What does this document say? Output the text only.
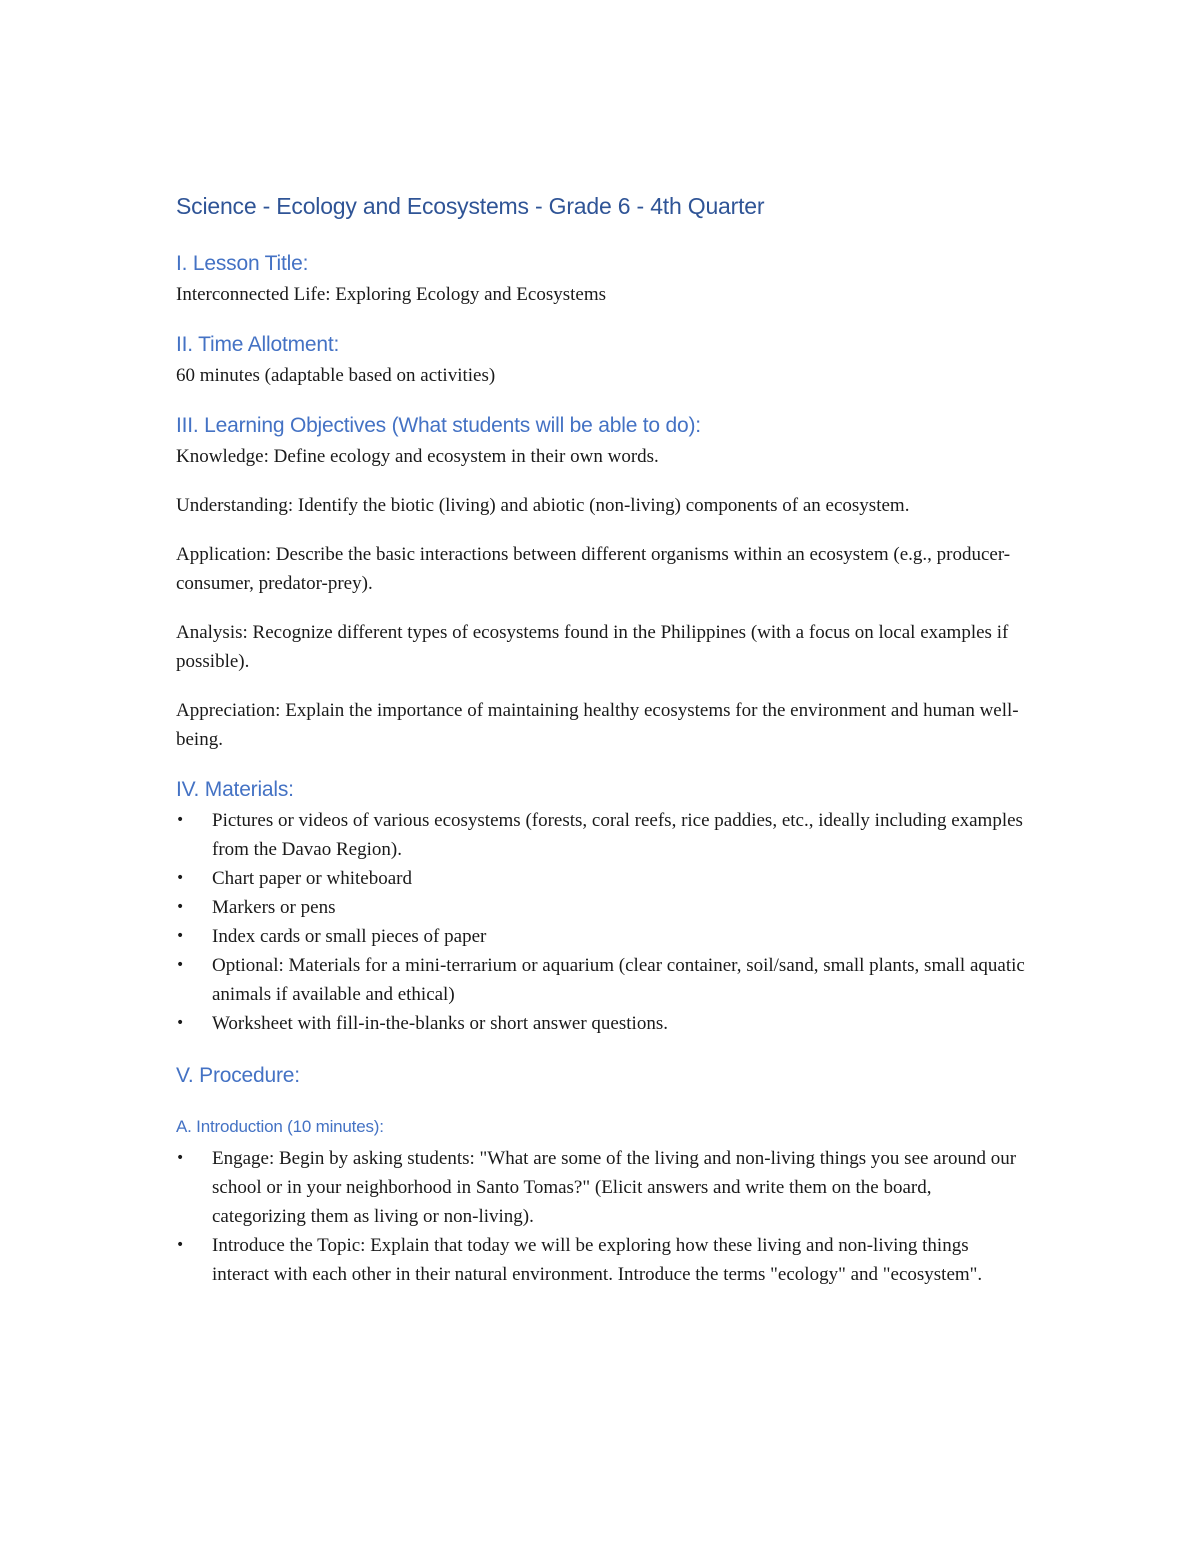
Science - Ecology and Ecosystems - Grade 6 - 4th Quarter
I. Lesson Title:
Interconnected Life: Exploring Ecology and Ecosystems
II. Time Allotment:
60 minutes (adaptable based on activities)
III. Learning Objectives (What students will be able to do):
Knowledge: Define ecology and ecosystem in their own words.
Understanding: Identify the biotic (living) and abiotic (non-living) components of an ecosystem.
Application: Describe the basic interactions between different organisms within an ecosystem (e.g., producer-consumer, predator-prey).
Analysis: Recognize different types of ecosystems found in the Philippines (with a focus on local examples if possible).
Appreciation: Explain the importance of maintaining healthy ecosystems for the environment and human well-being.
IV. Materials:
• Pictures or videos of various ecosystems (forests, coral reefs, rice paddies, etc., ideally including examples from the Davao Region).
• Chart paper or whiteboard
• Markers or pens
• Index cards or small pieces of paper
• Optional: Materials for a mini-terrarium or aquarium (clear container, soil/sand, small plants, small aquatic animals if available and ethical)
• Worksheet with fill-in-the-blanks or short answer questions.
V. Procedure:
A. Introduction (10 minutes):
• Engage: Begin by asking students: "What are some of the living and non-living things you see around our school or in your neighborhood in Santo Tomas?" (Elicit answers and write them on the board, categorizing them as living or non-living).
• Introduce the Topic: Explain that today we will be exploring how these living and non-living things interact with each other in their natural environment. Introduce the terms "ecology" and "ecosystem".
